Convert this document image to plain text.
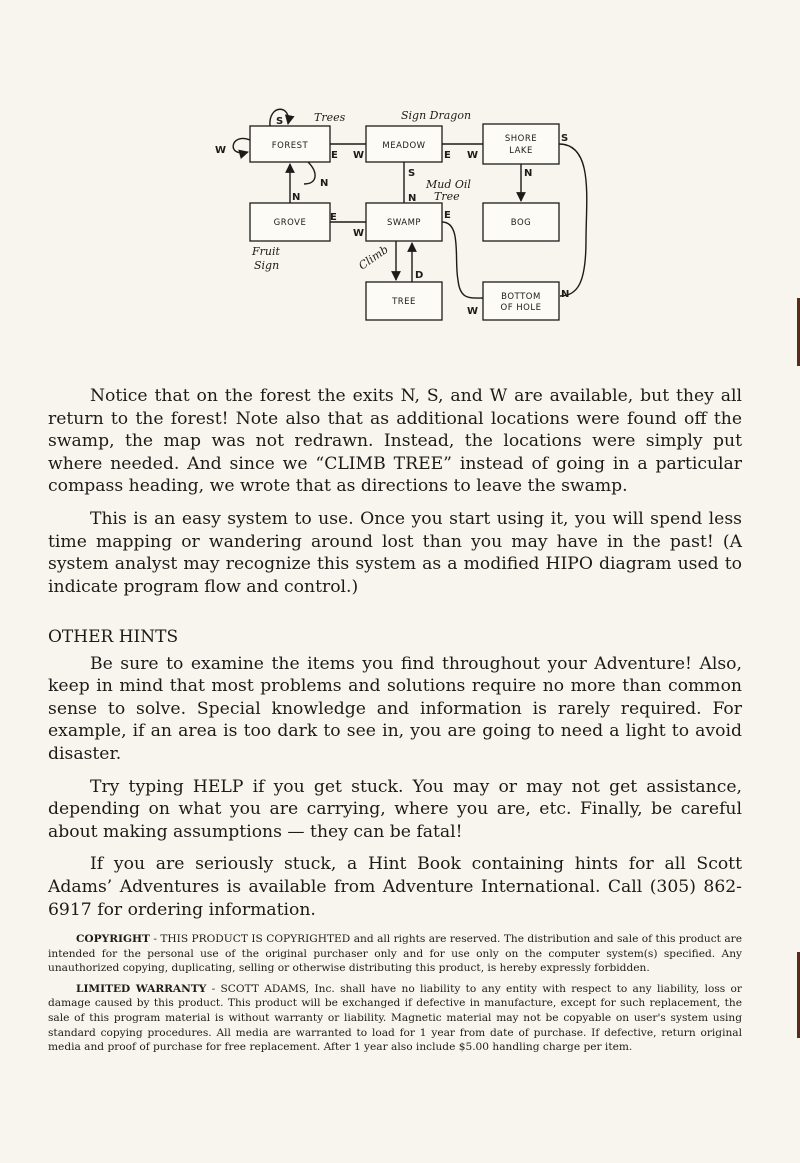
FOREST	MEADOW
SHORE
LAKE
GROVE	SWAMP	BOG
TREE	BOTTOM
OF HOLE
S
W
N
N
E W	E W
S
N
S
N
E
W
E
D
N
W
Trees	Sign Dragon
Mud Oil
Tree
Fruit
Sign	Climb

Notice that on the forest the exits N, S, and W are available, but they all return to the forest! Note also that as additional locations were found off the swamp, the map was not redrawn. Instead, the locations were simply put where needed. And since we “CLIMB TREE” instead of going in a particular compass heading, we wrote that as directions to leave the swamp.

This is an easy system to use. Once you start using it, you will spend less time mapping or wandering around lost than you may have in the past! (A system analyst may recognize this system as a modified HIPO diagram used to indicate program flow and control.)

OTHER HINTS

Be sure to examine the items you find throughout your Adventure! Also, keep in mind that most problems and solutions require no more than common sense to solve. Special knowledge and information is rarely required. For example, if an area is too dark to see in, you are going to need a light to avoid disaster.

Try typing HELP if you get stuck. You may or may not get assistance, depending on what you are carrying, where you are, etc. Finally, be careful about making assumptions — they can be fatal!

If you are seriously stuck, a Hint Book containing hints for all Scott Adams’ Adventures is available from Adventure International. Call (305) 862-6917 for ordering information.

COPYRIGHT - THIS PRODUCT IS COPYRIGHTED and all rights are reserved. The distribution and sale of this product are intended for the personal use of the original purchaser only and for use only on the computer system(s) specified. Any unauthorized copying, duplicating, selling or otherwise distributing this product, is hereby expressly forbidden.

LIMITED WARRANTY - SCOTT ADAMS, Inc. shall have no liability to any entity with respect to any liability, loss or damage caused by this product. This product will be exchanged if defective in manufacture, except for such replacement, the sale of this program material is without warranty or liability. Magnetic material may not be copyable on user's system using standard copying procedures. All media are warranted to load for 1 year from date of purchase. If defective, return original media and proof of purchase for free replacement. After 1 year also include $5.00 handling charge per item.
